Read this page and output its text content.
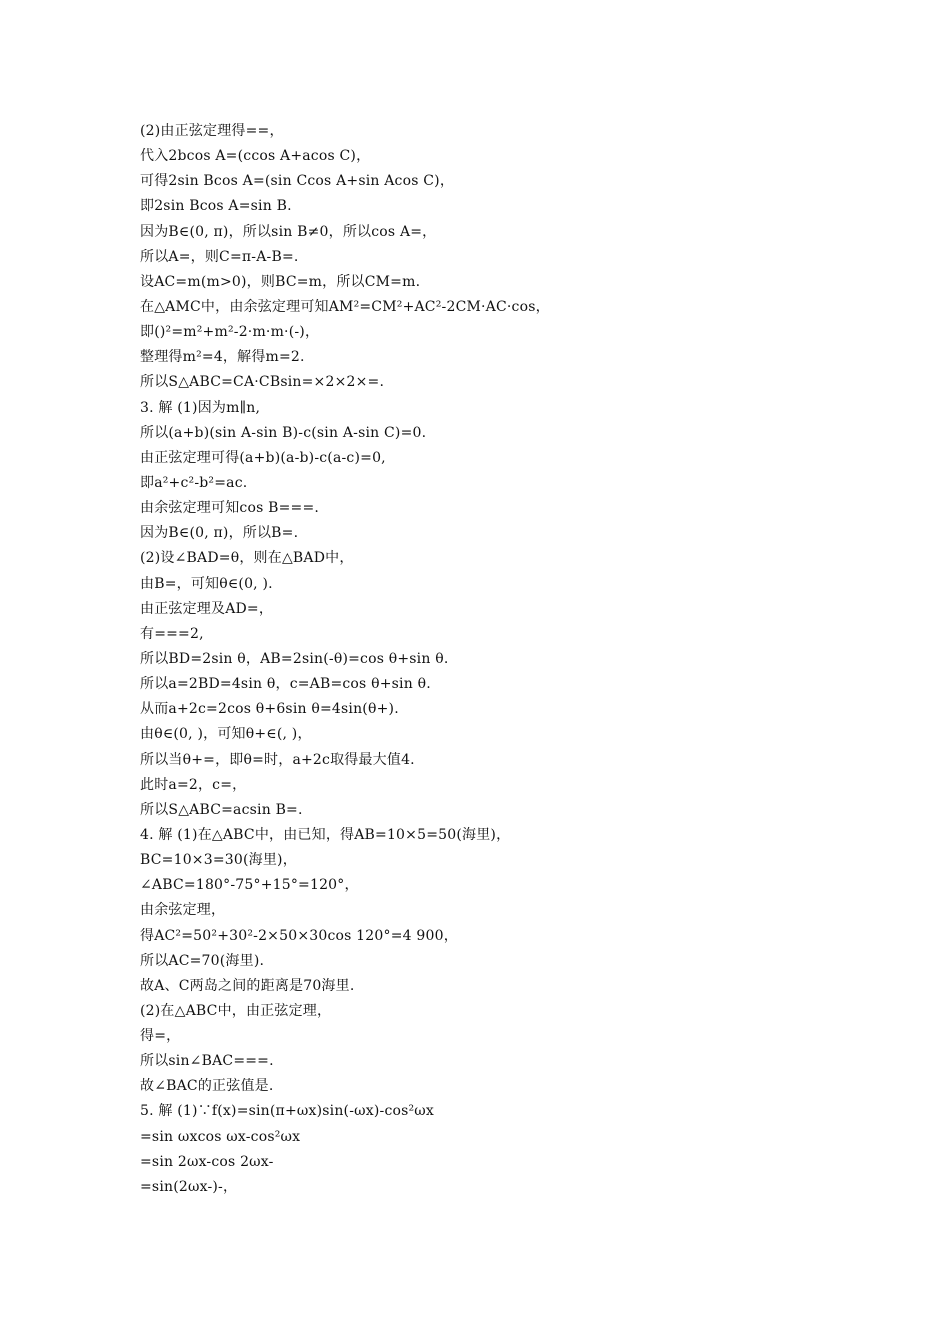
(2)由正弦定理得==，
代入2bcos A=(ccos A+acos C)，
可得2sin Bcos A=(sin Ccos A+sin Acos C)，
即2sin Bcos A=sin B.
因为B∈(0, π)，所以sin B≠0，所以cos A=，
所以A=，则C=π-A-B=.
设AC=m(m>0)，则BC=m，所以CM=m.
在△AMC中，由余弦定理可知AM²=CM²+AC²-2CM·AC·cos，
即()²=m²+m²-2·m·m·(-)，
整理得m²=4，解得m=2.
所以S△ABC=CA·CBsin=×2×2×=.
3. 解 (1)因为m∥n,
所以(a+b)(sin A-sin B)-c(sin A-sin C)=0.
由正弦定理可得(a+b)(a-b)-c(a-c)=0,
即a²+c²-b²=ac.
由余弦定理可知cos B===.
因为B∈(0, π)，所以B=.
(2)设∠BAD=θ，则在△BAD中，
由B=，可知θ∈(0, ).
由正弦定理及AD=，
有===2,
所以BD=2sin θ，AB=2sin(-θ)=cos θ+sin θ.
所以a=2BD=4sin θ，c=AB=cos θ+sin θ.
从而a+2c=2cos θ+6sin θ=4sin(θ+).
由θ∈(0, )，可知θ+∈(, )，
所以当θ+=，即θ=时，a+2c取得最大值4.
此时a=2，c=，
所以S△ABC=acsin B=.
4. 解 (1)在△ABC中，由已知，得AB=10×5=50(海里)，
BC=10×3=30(海里)，
∠ABC=180°-75°+15°=120°，
由余弦定理，
得AC²=50²+30²-2×50×30cos 120°=4 900，
所以AC=70(海里).
故A、C两岛之间的距离是70海里.
(2)在△ABC中，由正弦定理，
得=，
所以sin∠BAC===.
故∠BAC的正弦值是.
5. 解 (1)∵f(x)=sin(π+ωx)sin(-ωx)-cos²ωx
=sin ωxcos ωx-cos²ωx
=sin 2ωx-cos 2ωx-
=sin(2ωx-)-，
